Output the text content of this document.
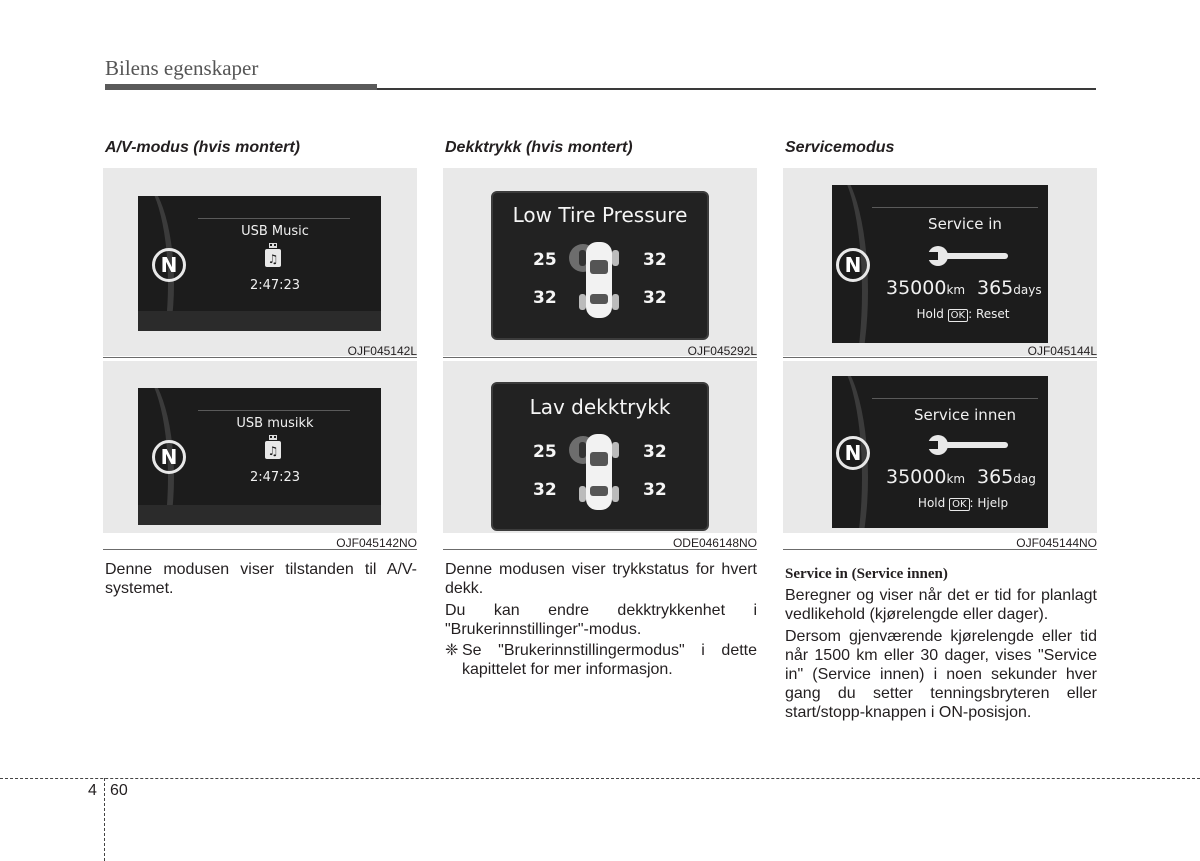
Bilens egenskaper
A/V-modus (hvis montert)
N
USB Music
♫
2:47:23
OJF045142L
N
USB musikk
♫
2:47:23
OJF045142NO
Denne modusen viser tilstanden til A/V-systemet.
Dekktrykk (hvis montert)
Low Tire Pressure
25	32
32	32
OJF045292L
Lav dekktrykk
25	32
32	32
ODE046148NO
Denne modusen viser trykkstatus for hvert dekk.
Du kan endre dekktrykkenhet i "Brukerinnstillinger"-modus.
❈ Se "Brukerinnstillingermodus" i dette kapittelet for mer informasjon.
Servicemodus
N
Service in
35000km 365days
Hold OK : Reset
OJF045144L
N
Service innen
35000km 365dag
Hold OK : Hjelp
OJF045144NO
Service in (Service innen)
Beregner og viser når det er tid for planlagt vedlikehold (kjørelengde eller dager).
Dersom gjenværende kjørelengde eller tid når 1500 km eller 30 dager, vises "Service in" (Service innen) i noen sekunder hver gang du setter tenningsbryteren eller start/stopp-knappen i ON-posisjon.
4 60
